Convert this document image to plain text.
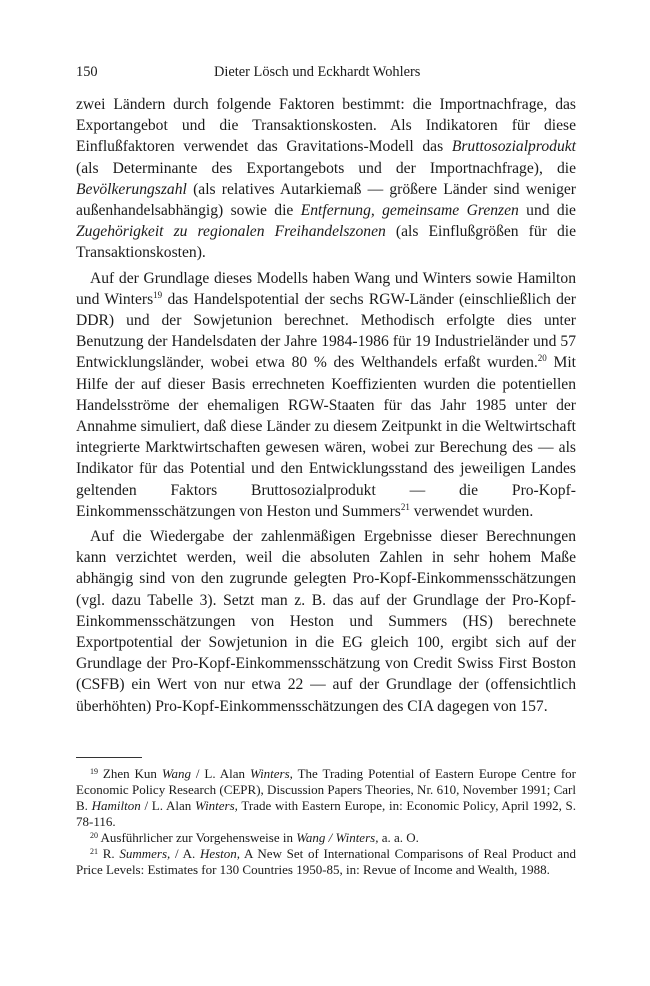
150	Dieter Lösch und Eckhardt Wohlers

zwei Ländern durch folgende Faktoren bestimmt: die Importnachfrage, das Exportangebot und die Transaktionskosten. Als Indikatoren für diese Einflußfaktoren verwendet das Gravitations-Modell das Bruttosozialprodukt (als Determinante des Exportangebots und der Importnachfrage), die Bevölkerungszahl (als relatives Autarkiemaß — größere Länder sind weniger außenhandelsabhängig) sowie die Entfernung, gemeinsame Grenzen und die Zugehörigkeit zu regionalen Freihandelszonen (als Einflußgrößen für die Transaktionskosten).

Auf der Grundlage dieses Modells haben Wang und Winters sowie Hamilton und Winters$^{19}$ das Handelspotential der sechs RGW-Länder (einschließlich der DDR) und der Sowjetunion berechnet. Methodisch erfolgte dies unter Benutzung der Handelsdaten der Jahre 1984-1986 für 19 Industrieländer und 57 Entwicklungsländer, wobei etwa 80 % des Welthandels erfaßt wurden.$^{20}$ Mit Hilfe der auf dieser Basis errechneten Koeffizienten wurden die potentiellen Handelsströme der ehemaligen RGW-Staaten für das Jahr 1985 unter der Annahme simuliert, daß diese Länder zu diesem Zeitpunkt in die Weltwirtschaft integrierte Marktwirtschaften gewesen wären, wobei zur Berechung des — als Indikator für das Potential und den Entwicklungsstand des jeweiligen Landes geltenden Faktors Bruttosozialprodukt — die Pro-Kopf-Einkommensschätzungen von Heston und Summers$^{21}$ verwendet wurden.

Auf die Wiedergabe der zahlenmäßigen Ergebnisse dieser Berechnungen kann verzichtet werden, weil die absoluten Zahlen in sehr hohem Maße abhängig sind von den zugrunde gelegten Pro-Kopf-Einkommensschätzungen (vgl. dazu Tabelle 3). Setzt man z. B. das auf der Grundlage der Pro-Kopf-Einkommensschätzungen von Heston und Summers (HS) berechnete Exportpotential der Sowjetunion in die EG gleich 100, ergibt sich auf der Grundlage der Pro-Kopf-Einkommensschätzung von Credit Swiss First Boston (CSFB) ein Wert von nur etwa 22 — auf der Grundlage der (offensichtlich überhöhten) Pro-Kopf-Einkommensschätzungen des CIA dagegen von 157.

$^{19}$ Zhen Kun Wang / L. Alan Winters, The Trading Potential of Eastern Europe Centre for Economic Policy Research (CEPR), Discussion Papers Theories, Nr. 610, November 1991; Carl B. Hamilton / L. Alan Winters, Trade with Eastern Europe, in: Economic Policy, April 1992, S. 78-116.

$^{20}$ Ausführlicher zur Vorgehensweise in Wang / Winters, a. a. O.

$^{21}$ R. Summers, / A. Heston, A New Set of International Comparisons of Real Product and Price Levels: Estimates for 130 Countries 1950-85, in: Revue of Income and Wealth, 1988.
